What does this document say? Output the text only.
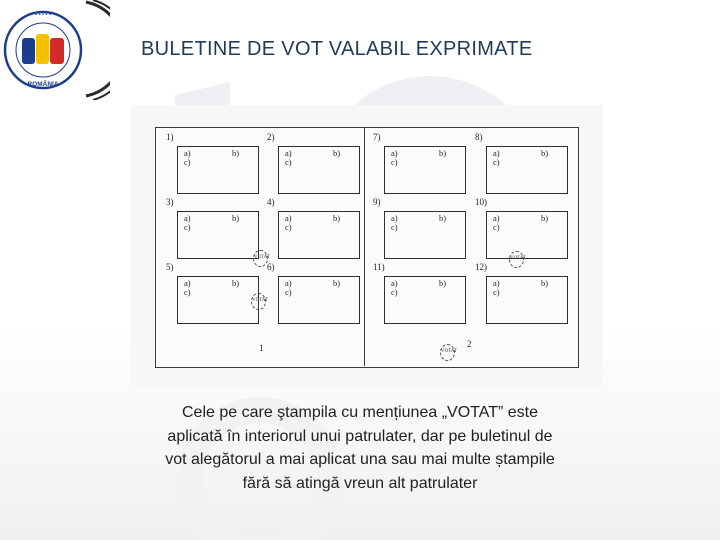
• • • • •
ROMÂNIA
BULETINE DE VOT VALABIL EXPRIMATE
1	2
VOTAT
VOTAT
VOTAT
VOTAT
1)
a)	b)
c)
2)
a)	b)
c)
3)
a)	b)
c)
4)
a)	b)
c)
5)
a)	b)
c)
6)
a)	b)
c)
7)
a)	b)
c)
8)
a)	b)
c)
9)
a)	b)
c)
10)
a)	b)
c)
11)
a)	b)
c)
12)
a)	b)
c)
Cele pe care ştampila cu mențiunea „VOTAT” este
aplicată în interiorul unui patrulater, dar pe buletinul de
vot alegătorul a mai aplicat una sau mai multe ștampile
fără să atingă vreun alt patrulater
